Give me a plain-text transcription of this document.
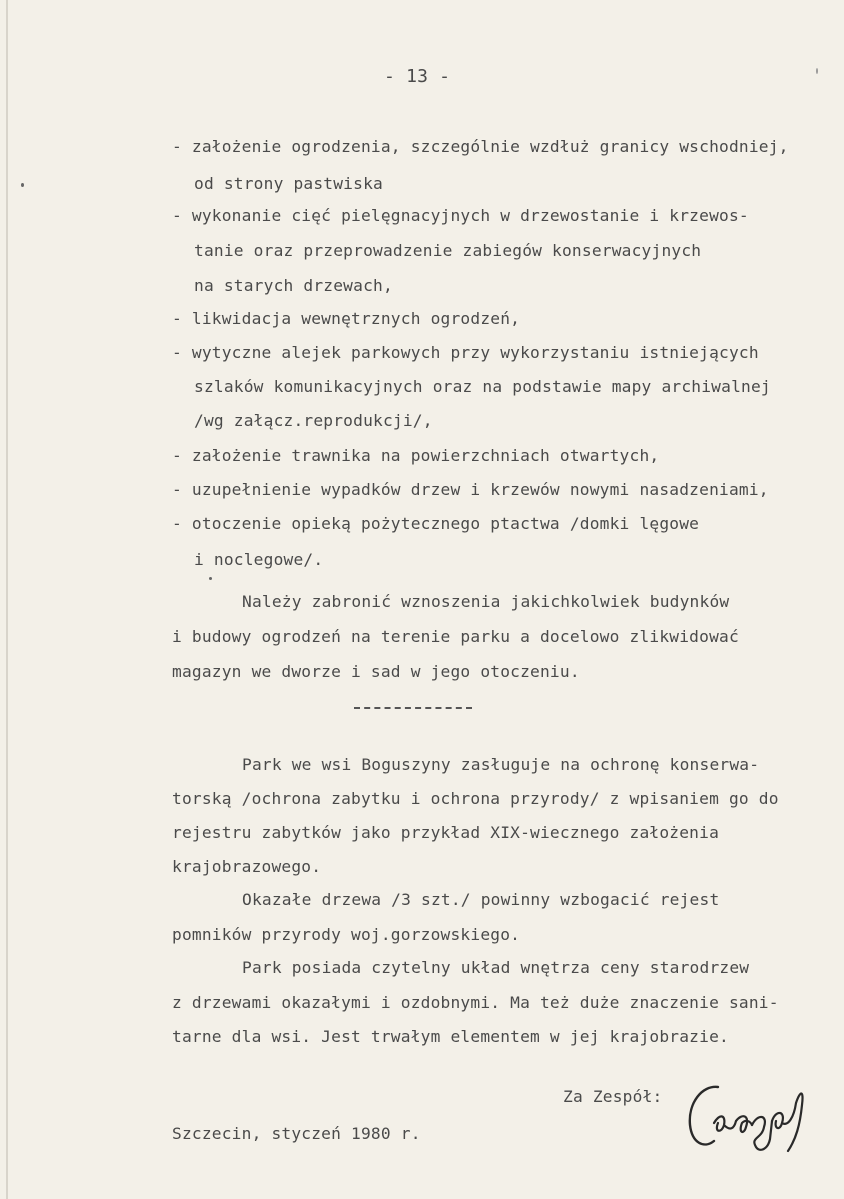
- 13 -
- założenie ogrodzenia, szczególnie wzdłuż granicy wschodniej,
od strony pastwiska
- wykonanie cięć pielęgnacyjnych w drzewostanie i krzewos-
tanie oraz przeprowadzenie zabiegów konserwacyjnych
na starych drzewach,
- likwidacja wewnętrznych ogrodzeń,
- wytyczne alejek parkowych przy wykorzystaniu istniejących
szlaków komunikacyjnych oraz na podstawie mapy archiwalnej
/wg załącz.reprodukcji/,
- założenie trawnika na powierzchniach otwartych,
- uzupełnienie wypadków drzew i krzewów nowymi nasadzeniami,
- otoczenie opieką pożytecznego ptactwa /domki lęgowe
i noclegowe/.
Należy zabronić wznoszenia jakichkolwiek budynków
i budowy ogrodzeń na terenie parku a docelowo zlikwidować
magazyn we dworze i sad w jego otoczeniu.
Park we wsi Boguszyny zasługuje na ochronę konserwa-
torską /ochrona zabytku i ochrona przyrody/ z wpisaniem go do
rejestru zabytków jako przykład XIX-wiecznego założenia
krajobrazowego.
Okazałe drzewa /3 szt./ powinny wzbogacić rejest
pomników przyrody woj.gorzowskiego.
Park posiada czytelny układ wnętrza ceny starodrzew
z drzewami okazałymi i ozdobnymi. Ma też duże znaczenie sani-
tarne dla wsi. Jest trwałym elementem w jej krajobrazie.
Za Zespół:
Szczecin, styczeń 1980 r.
